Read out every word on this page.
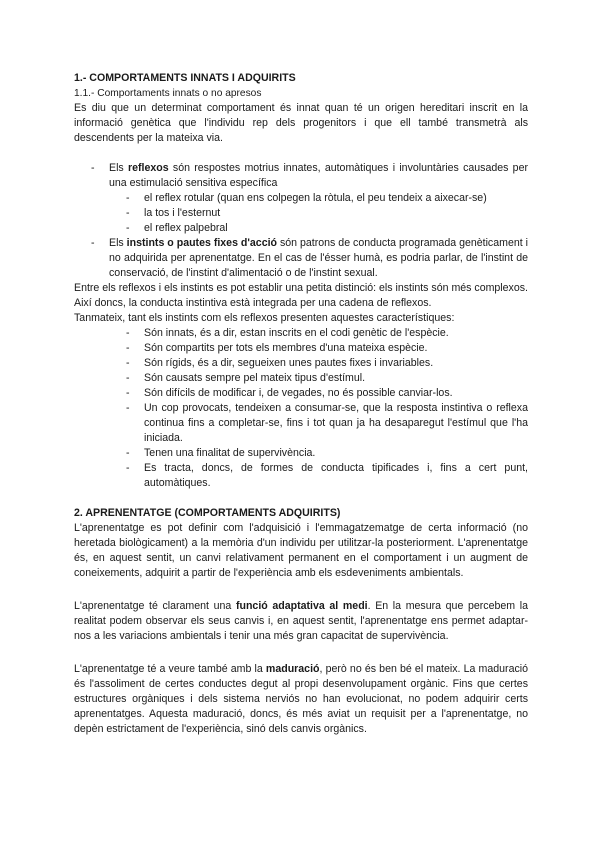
1.- COMPORTAMENTS INNATS I ADQUIRITS

1.1.- Comportaments innats o no apresos

Es diu que un determinat comportament és innat quan té un origen hereditari inscrit en la informació genètica que l'individu rep dels progenitors i que ell també transmetrà als descendents per la mateixa via.

- Els reflexos són respostes motrius innates, automàtiques i involuntàries causades per una estimulació sensitiva específica
- el reflex rotular (quan ens colpegen la ròtula, el peu tendeix a aixecar-se)
- la tos i l'esternut
- el reflex palpebral
- Els instints o pautes fixes d'acció són patrons de conducta programada genèticament i no adquirida per aprenentatge. En el cas de l'ésser humà, es podria parlar, de l'instint de conservació, de l'instint d'alimentació o de l'instint sexual.

Entre els reflexos i els instints es pot establir una petita distinció: els instints són més complexos. Així doncs, la conducta instintiva està integrada per una cadena de reflexos.

Tanmateix, tant els instints com els reflexos presenten aquestes característiques:

- Són innats, és a dir, estan inscrits en el codi genètic de l'espècie.
- Són compartits per tots els membres d'una mateixa espècie.
- Són rígids, és a dir, segueixen unes pautes fixes i invariables.
- Són causats sempre pel mateix tipus d'estímul.
- Són difícils de modificar i, de vegades, no és possible canviar-los.
- Un cop provocats, tendeixen a consumar-se, que la resposta instintiva o reflexa continua fins a completar-se, fins i tot quan ja ha desaparegut l'estímul que l'ha iniciada.
- Tenen una finalitat de supervivència.
- Es tracta, doncs, de formes de conducta tipificades i, fins a cert punt, automàtiques.

2. APRENENTATGE (COMPORTAMENTS ADQUIRITS)

L'aprenentatge es pot definir com l'adquisició i l'emmagatzematge de certa informació (no heretada biològicament) a la memòria d'un individu per utilitzar-la posteriorment. L'aprenentatge és, en aquest sentit, un canvi relativament permanent en el comportament i un augment de coneixements, adquirit a partir de l'experiència amb els esdeveniments ambientals.

L'aprenentatge té clarament una funció adaptativa al medi. En la mesura que percebem la realitat podem observar els seus canvis i, en aquest sentit, l'aprenentatge ens permet adaptar-nos a les variacions ambientals i tenir una més gran capacitat de supervivència.

L'aprenentatge té a veure també amb la maduració, però no és ben bé el mateix. La maduració és l'assoliment de certes conductes degut al propi desenvolupament orgànic. Fins que certes estructures orgàniques i dels sistema nerviós no han evolucionat, no podem adquirir certs aprenentatges. Aquesta maduració, doncs, és més aviat un requisit per a l'aprenentatge, no depèn estrictament de l'experiència, sinó dels canvis orgànics.
